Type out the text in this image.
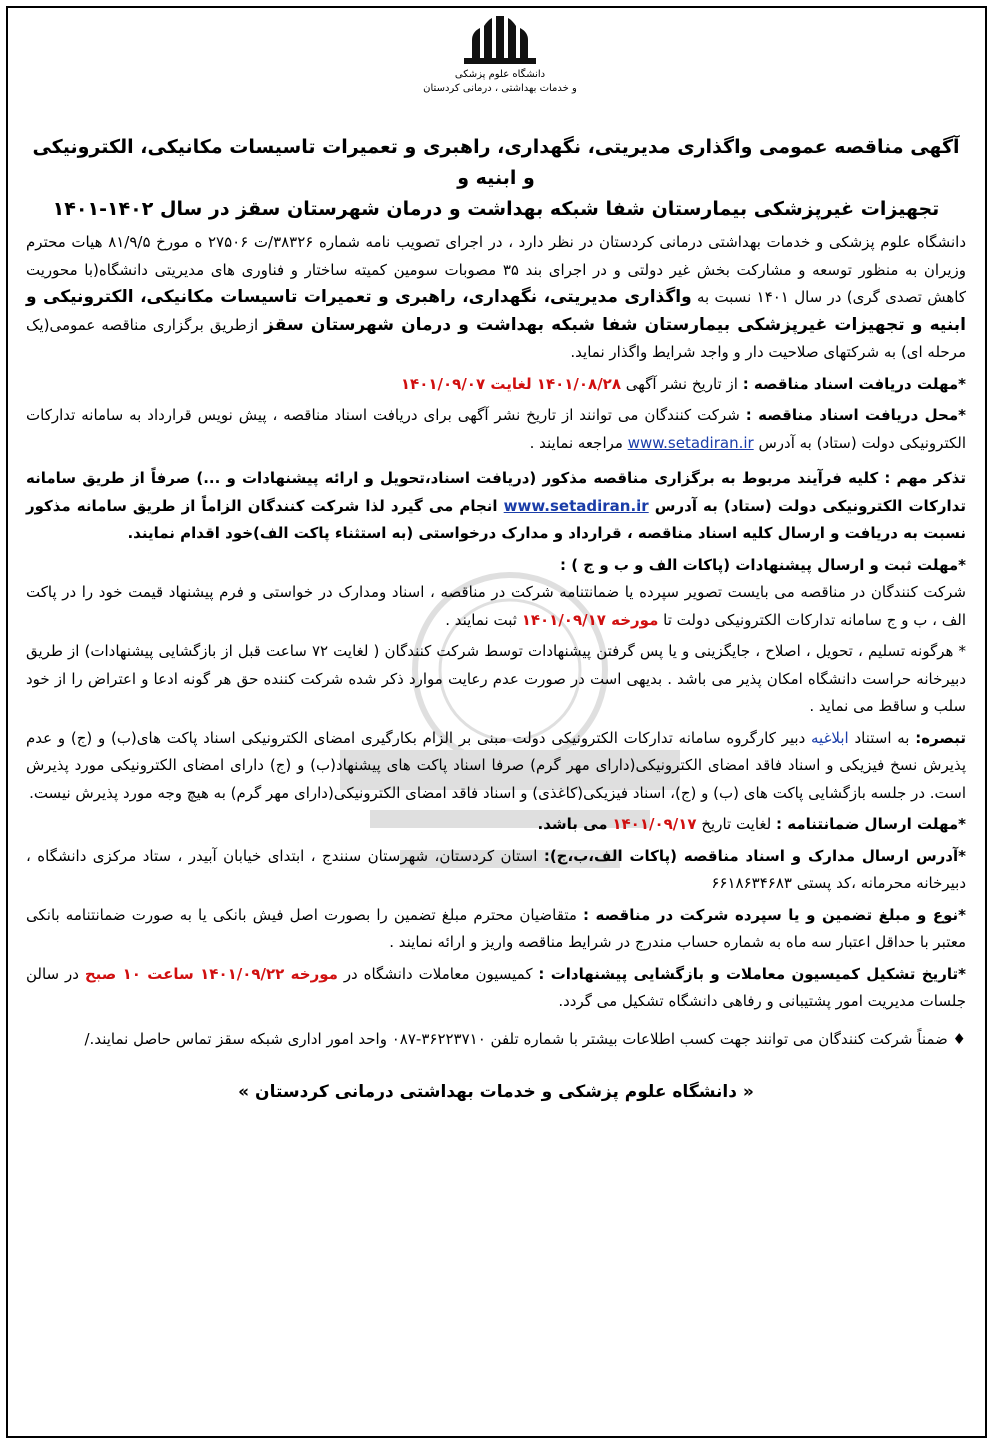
دانشگاه علوم پزشکی
و خدمات بهداشتی ، درمانی کردستان

آگهی مناقصه عمومی واگذاری مدیریتی، نگهداری، راهبری و تعمیرات تاسیسات مکانیکی، الکترونیکی و ابنیه و

تجهیزات غیرپزشکی بیمارستان شفا شبکه بهداشت و درمان شهرستان سقز در سال ۱۴۰۲-۱۴۰۱

دانشگاه علوم پزشکی و خدمات بهداشتی درمانی کردستان در نظر دارد ، در اجرای تصویب نامه شماره ۳۸۳۲۶/ت ۲۷۵۰۶ ه مورخ ۸۱/۹/۵ هیات محترم وزیران به منظور توسعه و مشارکت بخش غیر دولتی و در اجرای بند ۳۵ مصوبات سومین کمیته ساختار و فناوری های مدیریتی دانشگاه(با محوریت کاهش تصدی گری) در سال ۱۴۰۱ نسبت به واگذاری مدیریتی، نگهداری، راهبری و تعمیرات تاسیسات مکانیکی، الکترونیکی و ابنیه و تجهیزات غیرپزشکی بیمارستان شفا شبکه بهداشت و درمان شهرستان سقز ازطریق برگزاری مناقصه عمومی(یک مرحله ای) به شرکتهای صلاحیت دار و واجد شرایط واگذار نماید.

*مهلت دریافت اسناد مناقصه : از تاریخ نشر آگهی ۱۴۰۱/۰۸/۲۸ لغایت ۱۴۰۱/۰۹/۰۷

*محل دریافت اسناد مناقصه : شرکت کنندگان می توانند از تاریخ نشر آگهی برای دریافت اسناد مناقصه ، پیش نویس قرارداد به سامانه تدارکات الکترونیکی دولت (ستاد) به آدرس www.setadiran.ir مراجعه نمایند .

تذکر مهم : کلیه فرآیند مربوط به برگزاری مناقصه مذکور (دریافت اسناد،تحویل و ارائه پیشنهادات و ...) صرفاً از طریق سامانه تدارکات الکترونیکی دولت (ستاد) به آدرس www.setadiran.ir انجام می گیرد لذا شرکت کنندگان الزاماً از طریق سامانه مذکور نسبت به دریافت و ارسال کلیه اسناد مناقصه ، قرارداد و مدارک درخواستی (به استثناء پاکت الف)خود اقدام نمایند.

*مهلت ثبت و ارسال پیشنهادات (پاکات الف و ب و ج ) :
شرکت کنندگان در مناقصه می بایست تصویر سپرده یا ضمانتنامه شرکت در مناقصه ، اسناد ومدارک در خواستی و فرم پیشنهاد قیمت خود را در پاکت الف ، ب و ج سامانه تدارکات الکترونیکی دولت تا مورخه ۱۴۰۱/۰۹/۱۷ ثبت نمایند .

* هرگونه تسلیم ، تحویل ، اصلاح ، جایگزینی و یا پس گرفتن پیشنهادات توسط شرکت کنندگان ( لغایت ۷۲ ساعت قبل از بازگشایی پیشنهادات) از طریق دبیرخانه حراست دانشگاه امکان پذیر می باشد . بدیهی است در صورت عدم رعایت موارد ذکر شده شرکت کننده حق هر گونه ادعا و اعتراض را از خود سلب و ساقط می نماید .

تبصره: به استناد ابلاغیه دبیر کارگروه سامانه تدارکات الکترونیکی دولت مبنی بر الزام بکارگیری امضای الکترونیکی اسناد پاکت های(ب) و (ج) و عدم پذیرش نسخ فیزیکی و اسناد فاقد امضای الکترونیکی(دارای مهر گرم) صرفا اسناد پاکت های پیشنهاد(ب) و (ج) دارای امضای الکترونیکی مورد پذیرش است. در جلسه بازگشایی پاکت های (ب) و (ج)، اسناد فیزیکی(کاغذی) و اسناد فاقد امضای الکترونیکی(دارای مهر گرم) به هیچ وجه مورد پذیرش نیست.

*مهلت ارسال ضمانتنامه : لغایت تاریخ ۱۴۰۱/۰۹/۱۷ می باشد.

*آدرس ارسال مدارک و اسناد مناقصه (پاکات الف،ب،ج): استان کردستان، شهرستان سنندج ، ابتدای خیابان آبیدر ، ستاد مرکزی دانشگاه ، دبیرخانه محرمانه ،کد پستی ۶۶۱۸۶۳۴۶۸۳

*نوع و مبلغ تضمین و یا سپرده شرکت در مناقصه : متقاضیان محترم مبلغ تضمین را بصورت اصل فیش بانکی یا به صورت ضمانتنامه بانکی معتبر با حداقل اعتبار سه ماه به شماره حساب مندرج در شرایط مناقصه واریز و ارائه نمایند .

*تاریخ تشکیل کمیسیون معاملات و بازگشایی پیشنهادات : کمیسیون معاملات دانشگاه در مورخه ۱۴۰۱/۰۹/۲۲ ساعت ۱۰ صبح در سالن جلسات مدیریت امور پشتیبانی و رفاهی دانشگاه تشکیل می گردد.

♦ ضمناً شرکت کنندگان می توانند جهت کسب اطلاعات بیشتر با شماره تلفن ۳۶۲۲۳۷۱۰-۰۸۷ واحد امور اداری شبکه سقز تماس حاصل نمایند./

« دانشگاه علوم پزشکی و خدمات بهداشتی درمانی کردستان »
